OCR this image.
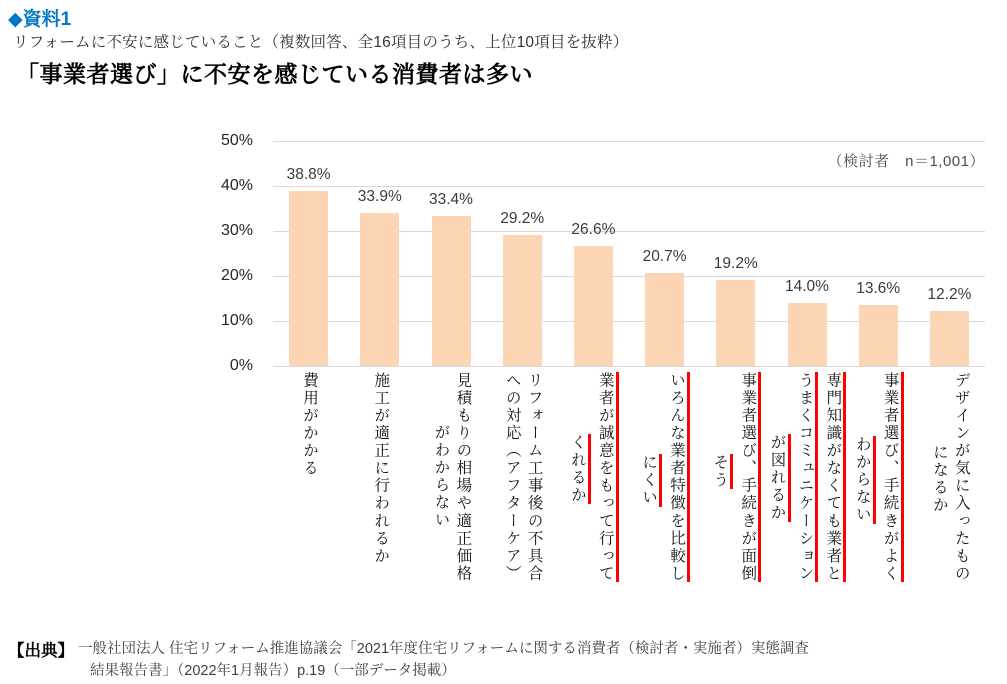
◆資料1
リフォームに不安に感じていること（複数回答、全16項目のうち、上位10項目を抜粋）
「事業者選び」に不安を感じている消費者は多い
0%
10%
20%
30%
40%
50%
（検討者　n＝1,001）
38.8%
33.9%	33.4%
29.2%
26.6%
20.7%	19.2%
14.0%	13.6%	12.2%
費用がかかる	施工が適正に行われるか	見積もりの相場や適正価格
がわからない	リフォーム工事後の不具合
への対応（アフターケア）	業者が誠意をもって行って
くれるか	いろんな業者特徴を比較し
にくい	事業者選び、手続きが面倒
そう	専門知識がなくても業者と
うまくコミュニケーション
が図れるか	事業者選び、手続きがよく
わからない	デザインが気に入ったもの
になるか
【出典】 一般社団法人 住宅リフォーム推進協議会「2021年度住宅リフォームに関する消費者（検討者・実施者）実態調査
結果報告書」（2022年1月報告）p.19（一部データ掲載）
